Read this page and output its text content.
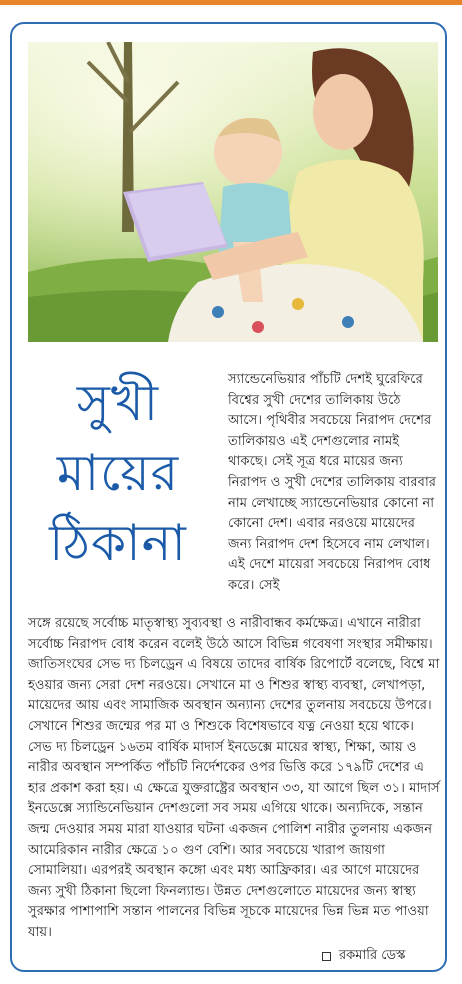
সুখী
মায়ের
ঠিকানা
স্যান্ডেনেভিয়ার পাঁচটি দেশই ঘুরেফিরে বিশ্বের সুখী দেশের তালিকায় উঠে আসে। পৃথিবীর সবচেয়ে নিরাপদ দেশের তালিকায়ও এই দেশগুলোর নামই থাকছে। সেই সূত্র ধরে মায়ের জন্য নিরাপদ ও সুখী দেশের তালিকায় বারবার নাম লেখাচ্ছে স্যান্ডেনেভিয়ার কোনো না কোনো দেশ। এবার নরওয়ে মায়েদের জন্য নিরাপদ দেশ হিসেবে নাম লেখাল। এই দেশে মায়েরা সবচেয়ে নিরাপদ বোধ করে। সেই
সঙ্গে রয়েছে সর্বোচ্চ মাতৃস্বাস্থ্য সুব্যবস্থা ও নারীবান্ধব কর্মক্ষেত্র। এখানে নারীরা সর্বোচ্চ নিরাপদ বোধ করেন বলেই উঠে আসে বিভিন্ন গবেষণা সংস্থার সমীক্ষায়। জাতিসংঘের সেভ দ্য চিলড্রেন এ বিষয়ে তাদের বার্ষিক রিপোর্টে বলেছে, বিশ্বে মা হওয়ার জন্য সেরা দেশ নরওয়ে। সেখানে মা ও শিশুর স্বাস্থ্য ব্যবস্থা, লেখাপড়া, মায়েদের আয় এবং সামাজিক অবস্থান অন্যান্য দেশের তুলনায় সবচেয়ে উপরে। সেখানে শিশুর জন্মের পর মা ও শিশুকে বিশেষভাবে যত্ন নেওয়া হয়ে থাকে। সেভ দ্য চিলড্রেন ১৬তম বার্ষিক মাদার্স ইনডেক্সে মায়ের স্বাস্থ্য, শিক্ষা, আয় ও নারীর অবস্থান সম্পর্কিত পাঁচটি নির্দেশকের ওপর ভিত্তি করে ১৭৯টি দেশের এ হার প্রকাশ করা হয়। এ ক্ষেত্রে যুক্তরাষ্ট্রের অবস্থান ৩৩, যা আগে ছিল ৩১। মাদার্স ইনডেক্সে স্যান্ডিনেভিয়ান দেশগুলো সব সময় এগিয়ে থাকে। অন্যদিকে, সন্তান জন্ম দেওয়ার সময় মারা যাওয়ার ঘটনা একজন পোলিশ নারীর তুলনায় একজন আমেরিকান নারীর ক্ষেত্রে ১০ গুণ বেশি। আর সবচেয়ে খারাপ জায়গা সোমালিয়া। এরপরই অবস্থান কঙ্গো এবং মধ্য আফ্রিকার। এর আগে মায়েদের জন্য সুখী ঠিকানা ছিলো ফিনল্যান্ড। উন্নত দেশগুলোতে মায়েদের জন্য স্বাস্থ্য সুরক্ষার পাশাপাশি সন্তান পালনের বিভিন্ন সূচকে মায়েদের ভিন্ন ভিন্ন মত পাওয়া যায়।
রকমারি ডেস্ক
